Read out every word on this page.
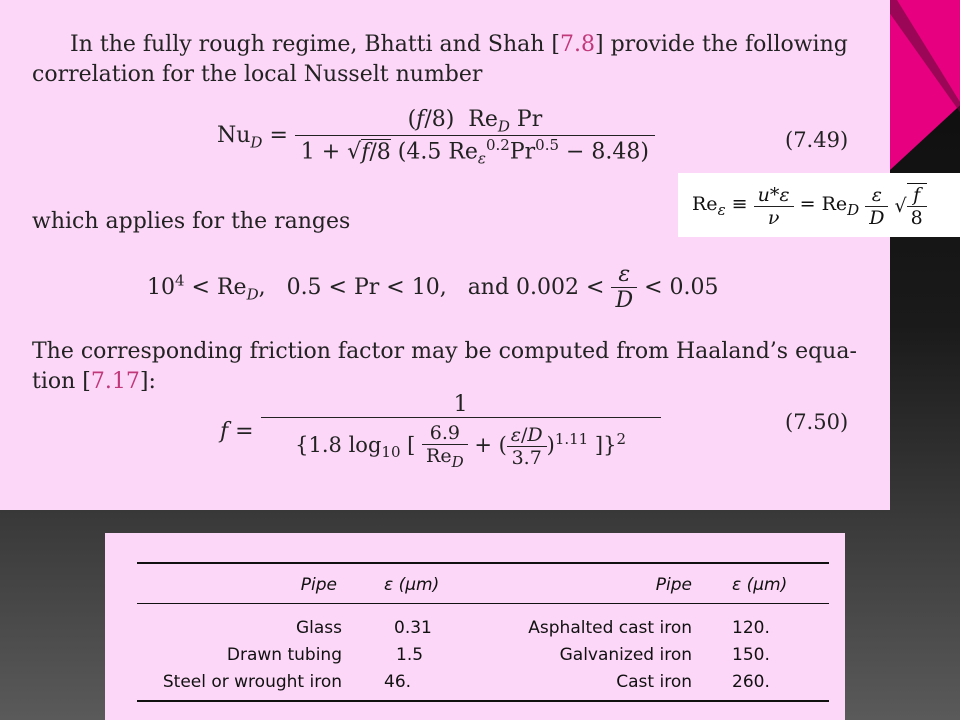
In the fully rough regime, Bhatti and Shah [7.8] provide the following

correlation for the local Nusselt number

$Nu_D = \frac{(f/8) Re_D Pr}{1 + √f/8 (4.5 Re_\varepsilon^{0.2}Pr^{0.5} - 8.48)}$	(7.49)

which applies for the ranges

$10^4 < Re_D$,   0.5 < Pr < 10,   and $0.002 < \frac{\varepsilon}{D} < 0.05$

The corresponding friction factor may be computed from Haaland’s equa-

tion [7.17]:

$f = \frac{1}{\{1.8 \log_{10} [ \frac{6.9}{Re_D} + ( \frac{\varepsilon/D}{3.7} )^{1.11} ]\}^2}$	(7.50)
$Re_\varepsilon \equiv \frac{u*\varepsilon}{\nu} = Re_D \frac{\varepsilon}{D}$ √ $\frac{f}{8}$
Pipe	ε (μm)	Pipe ε (μm)
Glass	0.31	Asphalted cast iron 120.
Drawn tubing	1.5	Galvanized iron 150.
Steel or wrought iron 46.	Cast iron 260.
